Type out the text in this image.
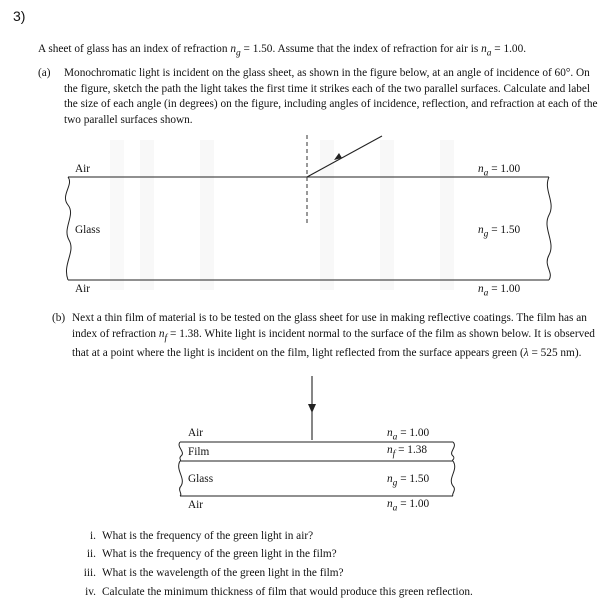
3)
A sheet of glass has an index of refraction $n_g = 1.50$. Assume that the index of refraction for air is $n_a = 1.00$.
(a) Monochromatic light is incident on the glass sheet, as shown in the figure below, at an angle of incidence of 60°. On the figure, sketch the path the light takes the first time it strikes each of the two parallel surfaces. Calculate and label the size of each angle (in degrees) on the figure, including angles of incidence, reflection, and refraction at each of the two parallel surfaces shown.
Air
Glass
Air
$n_a = 1.00$
$n_g = 1.50$
$n_a = 1.00$
(b) Next a thin film of material is to be tested on the glass sheet for use in making reflective coatings. The film has an index of refraction $n_f = 1.38$. White light is incident normal to the surface of the film as shown below. It is observed that at a point where the light is incident on the film, light reflected from the surface appears green (λ = 525 nm).
Air
Film
Glass
Air
$n_a = 1.00$
$n_f = 1.38$
$n_g = 1.50$
$n_a = 1.00$
i. What is the frequency of the green light in air?
ii. What is the frequency of the green light in the film?
iii. What is the wavelength of the green light in the film?
iv. Calculate the minimum thickness of film that would produce this green reflection.
